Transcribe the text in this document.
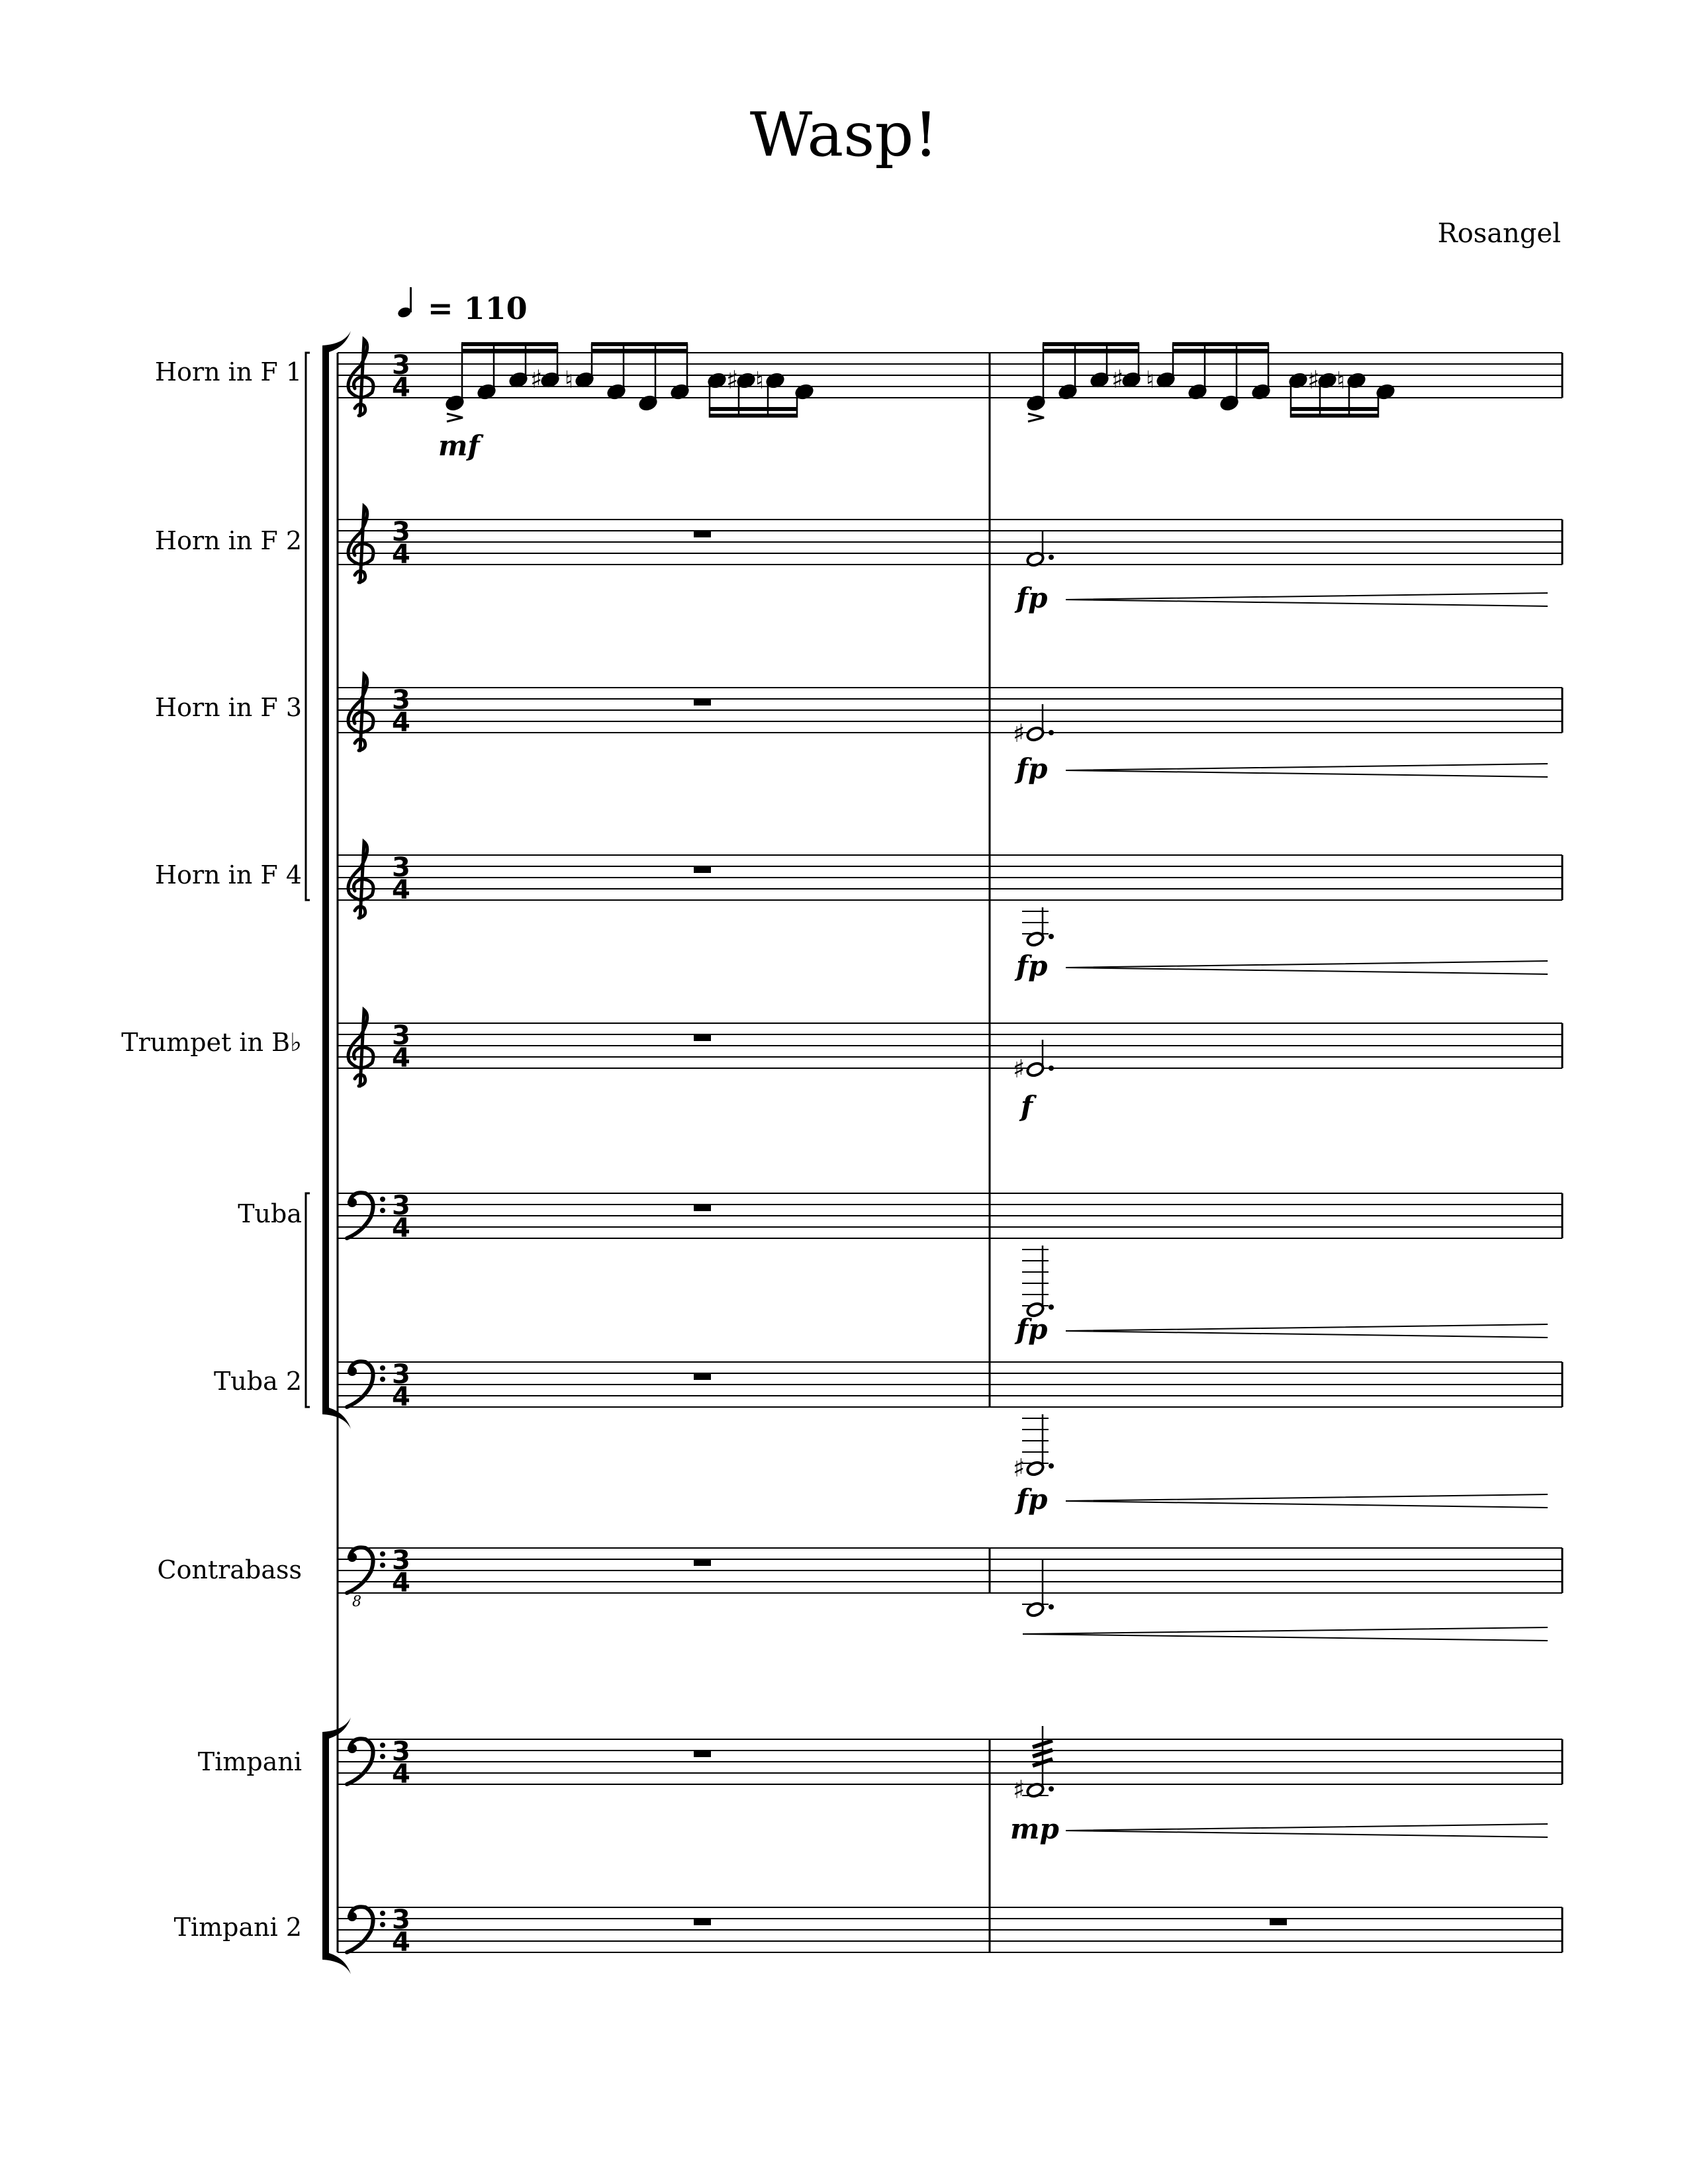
Wasp!
Rosangel
= 110
Horn in F 1
Horn in F 2
Horn in F 3
Horn in F 4
Trumpet in B♭
Tuba
Tuba 2
Contrabass
Timpani
Timpani 2
3
4
3
4
3
4
3
4
3
4
3
4
3
4
8
3
4
3
4
3
4
♯ ♮	♯ ♮	♯ ♮	♯ ♮
mf
fp
♯
fp
fp
♯
f
fp
♯
fp
♯
mp
